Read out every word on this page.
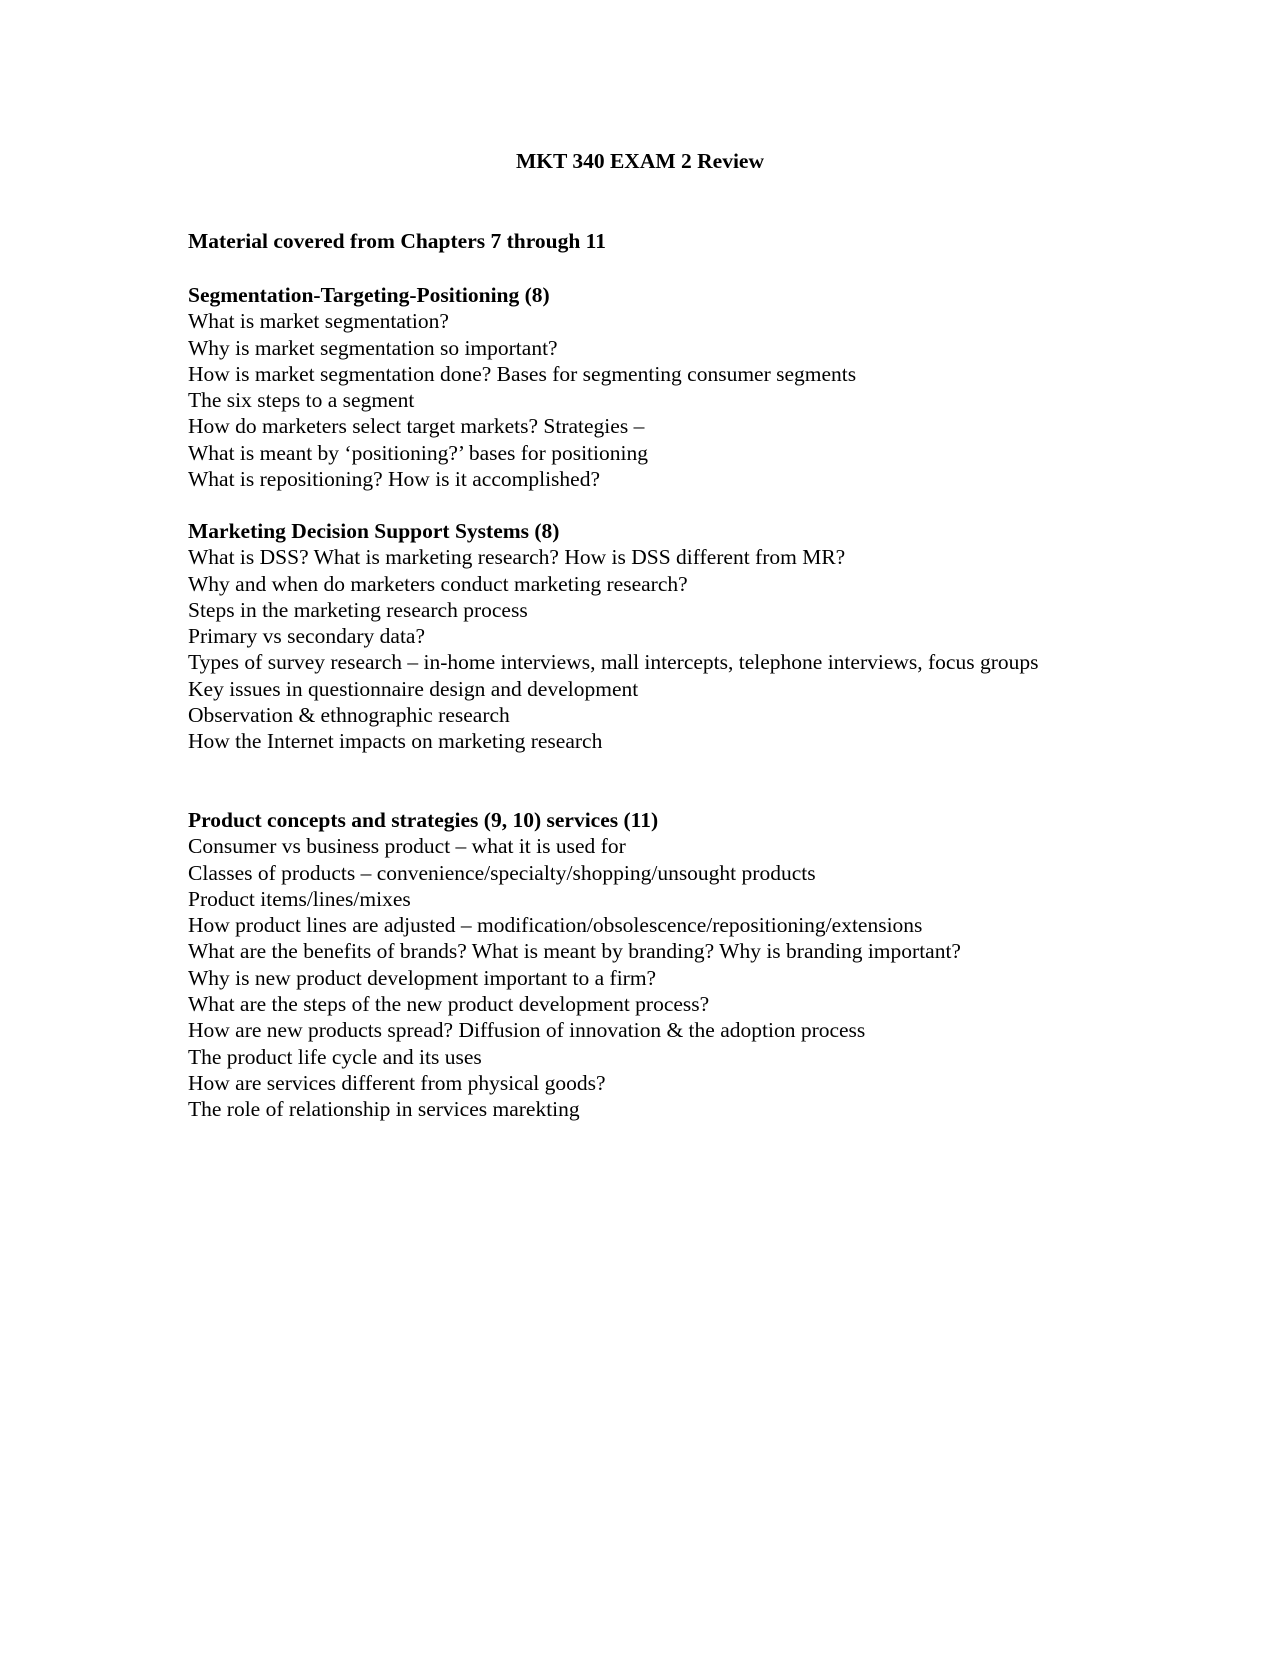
MKT 340 EXAM 2 Review

Material covered from Chapters 7 through 11

Segmentation-Targeting-Positioning (8)
What is market segmentation?
Why is market segmentation so important?
How is market segmentation done? Bases for segmenting consumer segments
The six steps to a segment
How do marketers select target markets? Strategies –
What is meant by ‘positioning?’ bases for positioning
What is repositioning? How is it accomplished?
Marketing Decision Support Systems (8)
What is DSS? What is marketing research? How is DSS different from MR?
Why and when do marketers conduct marketing research?
Steps in the marketing research process
Primary vs secondary data?
Types of survey research – in-home interviews, mall intercepts, telephone interviews, focus groups
Key issues in questionnaire design and development
Observation & ethnographic research
How the Internet impacts on marketing research
Product concepts and strategies (9, 10) services (11)
Consumer vs business product – what it is used for
Classes of products – convenience/specialty/shopping/unsought products
Product items/lines/mixes
How product lines are adjusted – modification/obsolescence/repositioning/extensions
What are the benefits of brands? What is meant by branding? Why is branding important?
Why is new product development important to a firm?
What are the steps of the new product development process?
How are new products spread? Diffusion of innovation & the adoption process
The product life cycle and its uses
How are services different from physical goods?
The role of relationship in services marekting
